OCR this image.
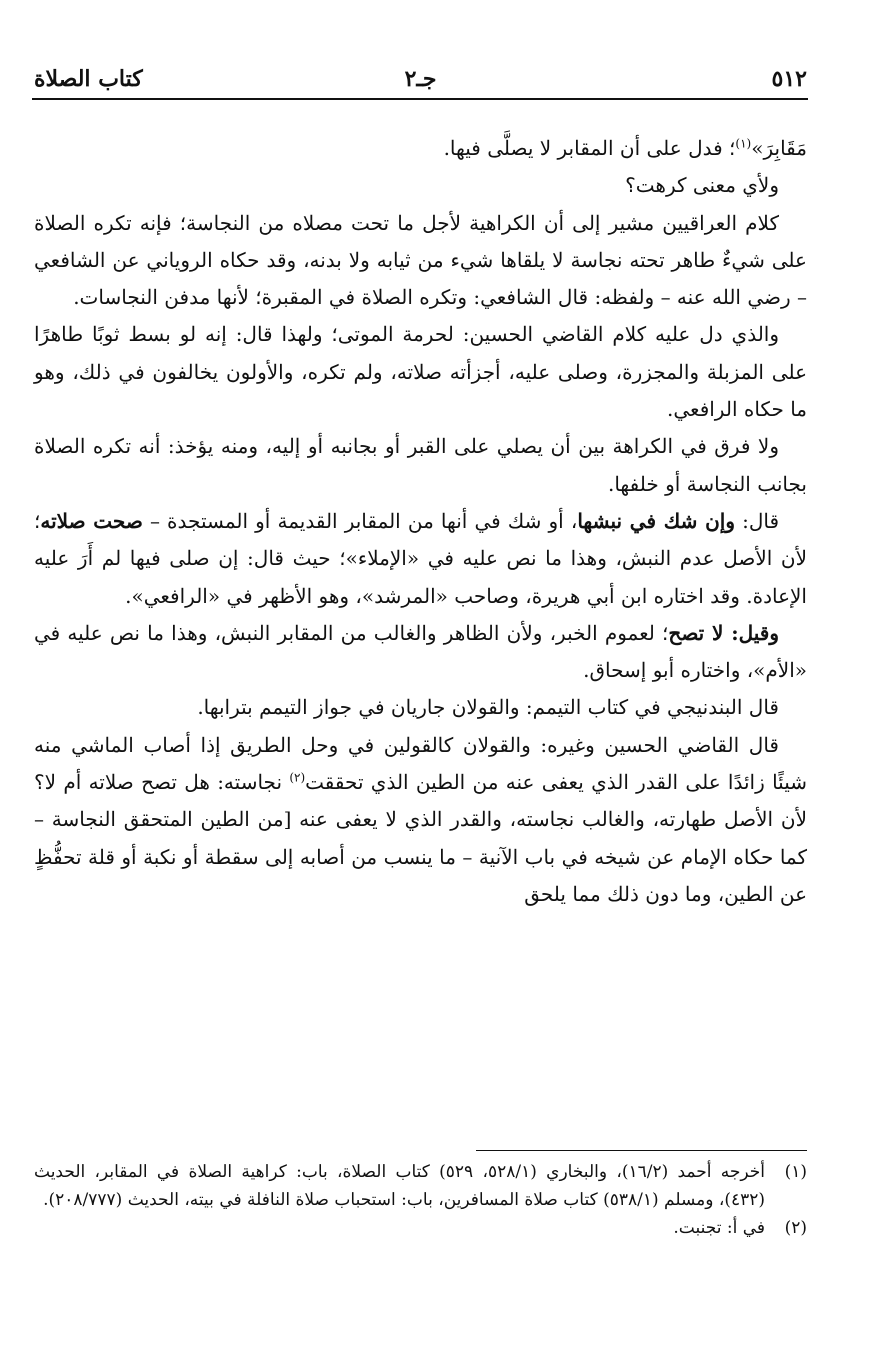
٥١٢
جـ٢
كتاب الصلاة

مَقَابِرَ»$^{(١)}$؛ فدل على أن المقابر لا يصلَّى فيها.

ولأي معنى كرهت؟

كلام العراقيين مشير إلى أن الكراهية لأجل ما تحت مصلاه من النجاسة؛ فإنه تكره الصلاة على شيءٌ طاهر تحته نجاسة لا يلقاها شيء من ثيابه ولا بدنه، وقد حكاه الروياني عن الشافعي – رضي الله عنه – ولفظه: قال الشافعي: وتكره الصلاة في المقبرة؛ لأنها مدفن النجاسات.

والذي دل عليه كلام القاضي الحسين: لحرمة الموتى؛ ولهذا قال: إنه لو بسط ثوبًا طاهرًا على المزبلة والمجزرة، وصلى عليه، أجزأته صلاته، ولم تكره، والأولون يخالفون في ذلك، وهو ما حكاه الرافعي.

ولا فرق في الكراهة بين أن يصلي على القبر أو بجانبه أو إليه، ومنه يؤخذ: أنه تكره الصلاة بجانب النجاسة أو خلفها.

قال: وإن شك في نبشها، أو شك في أنها من المقابر القديمة أو المستجدة – صحت صلاته؛ لأن الأصل عدم النبش، وهذا ما نص عليه في «الإملاء»؛ حيث قال: إن صلى فيها لم أَرَ عليه الإعادة. وقد اختاره ابن أبي هريرة، وصاحب «المرشد»، وهو الأظهر في «الرافعي».

وقيل: لا تصح؛ لعموم الخبر، ولأن الظاهر والغالب من المقابر النبش، وهذا ما نص عليه في «الأم»، واختاره أبو إسحاق.

قال البندنيجي في كتاب التيمم: والقولان جاريان في جواز التيمم بترابها.

قال القاضي الحسين وغيره: والقولان كالقولين في وحل الطريق إذا أصاب الماشي منه شيئًا زائدًا على القدر الذي يعفى عنه من الطين الذي تحققت$^{(٢)}$ نجاسته: هل تصح صلاته أم لا؟ لأن الأصل طهارته، والغالب نجاسته، والقدر الذي لا يعفى عنه [من الطين المتحقق النجاسة – كما حكاه الإمام عن شيخه في باب الآنية – ما ينسب من أصابه إلى سقطة أو نكبة أو قلة تحفُّظٍ عن الطين، وما دون ذلك مما يلحق

(١)
أخرجه أحمد (١٦/٢)، والبخاري (٥٢٨/١، ٥٢٩) كتاب الصلاة، باب: كراهية الصلاة في المقابر، الحديث (٤٣٢)، ومسلم (٥٣٨/١) كتاب صلاة المسافرين، باب: استحباب صلاة النافلة في بيته، الحديث (٢٠٨/٧٧٧).
(٢)
في أ: تجنبت.
